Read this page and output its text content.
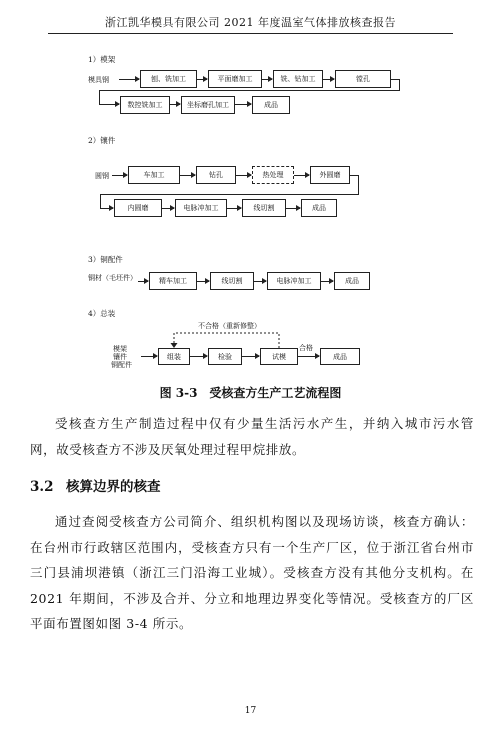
浙江凯华模具有限公司 2021 年度温室气体排放核查报告
1）模架
模具钢	刨、铣加工	平面磨加工	铣、钻加工	镗孔
数控铣加工	坐标磨孔加工	成品
2）镶件
圆钢	车加工	钻孔	热处理	外圆磨
内圆磨	电脉冲加工	线切割	成品
3）铜配件
铜材（毛坯件）	精车加工	线切割	电脉冲加工	成品
4）总装
不合格（重新修整）
模架
镶件
铜配件
组装	检验	试模
合格
成品
图 3-3　受核查方生产工艺流程图
受核查方生产制造过程中仅有少量生活污水产生，并纳入城市污水管网，故受核查方不涉及厌氧处理过程甲烷排放。
3.2 核算边界的核查
通过查阅受核查方公司简介、组织机构图以及现场访谈，核查方确认：在台州市行政辖区范围内，受核查方只有一个生产厂区，位于浙江省台州市三门县浦坝港镇（浙江三门沿海工业城）。受核查方没有其他分支机构。在 2021 年期间，不涉及合并、分立和地理边界变化等情况。受核查方的厂区平面布置图如图 3-4 所示。
17
